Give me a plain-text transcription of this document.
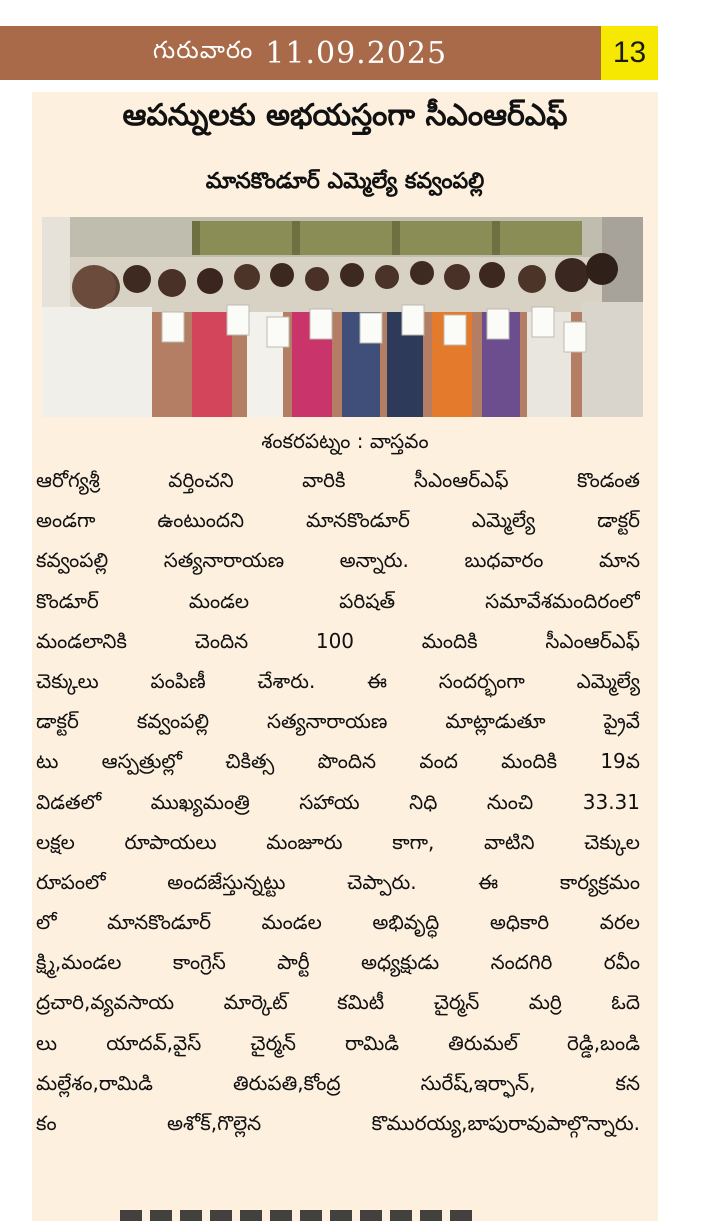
గురువారం 11.09.2025	13
ఆపన్నులకు అభయస్తంగా సీఎంఆర్ఎఫ్
మానకొండూర్ ఎమ్మెల్యే కవ్వంపల్లి
శంకరపట్నం : వాస్తవం
ఆరోగ్యశ్రీ వర్తించని వారికి సీఎంఆర్ఎఫ్ కొండంత
అండగా ఉంటుందని మానకొండూర్ ఎమ్మెల్యే డాక్టర్
కవ్వంపల్లి సత్యనారాయణ అన్నారు. బుధవారం మాన
కొండూర్ మండల పరిషత్ సమావేశమందిరంలో
మండలానికి చెందిన 100 మందికి సీఎంఆర్ఎఫ్
చెక్కులు పంపిణీ చేశారు. ఈ సందర్భంగా ఎమ్మెల్యే
డాక్టర్ కవ్వంపల్లి సత్యనారాయణ మాట్లాడుతూ ప్రైవే
టు ఆస్పత్రుల్లో చికిత్స పొందిన వంద మందికి 19వ
విడతలో ముఖ్యమంత్రి సహాయ నిధి నుంచి 33.31
లక్షల రూపాయలు మంజూరు కాగా, వాటిని చెక్కుల
రూపంలో అందజేస్తున్నట్టు చెప్పారు. ఈ కార్యక్రమం
లో మానకొండూర్ మండల అభివృద్ధి అధికారి వరల
క్ష్మి,మండల కాంగ్రెస్ పార్టీ అధ్యక్షుడు నందగిరి రవీం
ద్రచారి,వ్యవసాయ మార్కెట్ కమిటీ చైర్మన్ మర్రి ఓదె
లు యాదవ్,వైస్ చైర్మన్ రామిడి తిరుమల్ రెడ్డి,బండి
మల్లేశం,రామిడి తిరుపతి,కోంద్ర సురేష్,ఇర్ఫాన్, కన
కం అశోక్,గొల్లెన కొమురయ్య,బాపురావుపాల్గొన్నారు.
